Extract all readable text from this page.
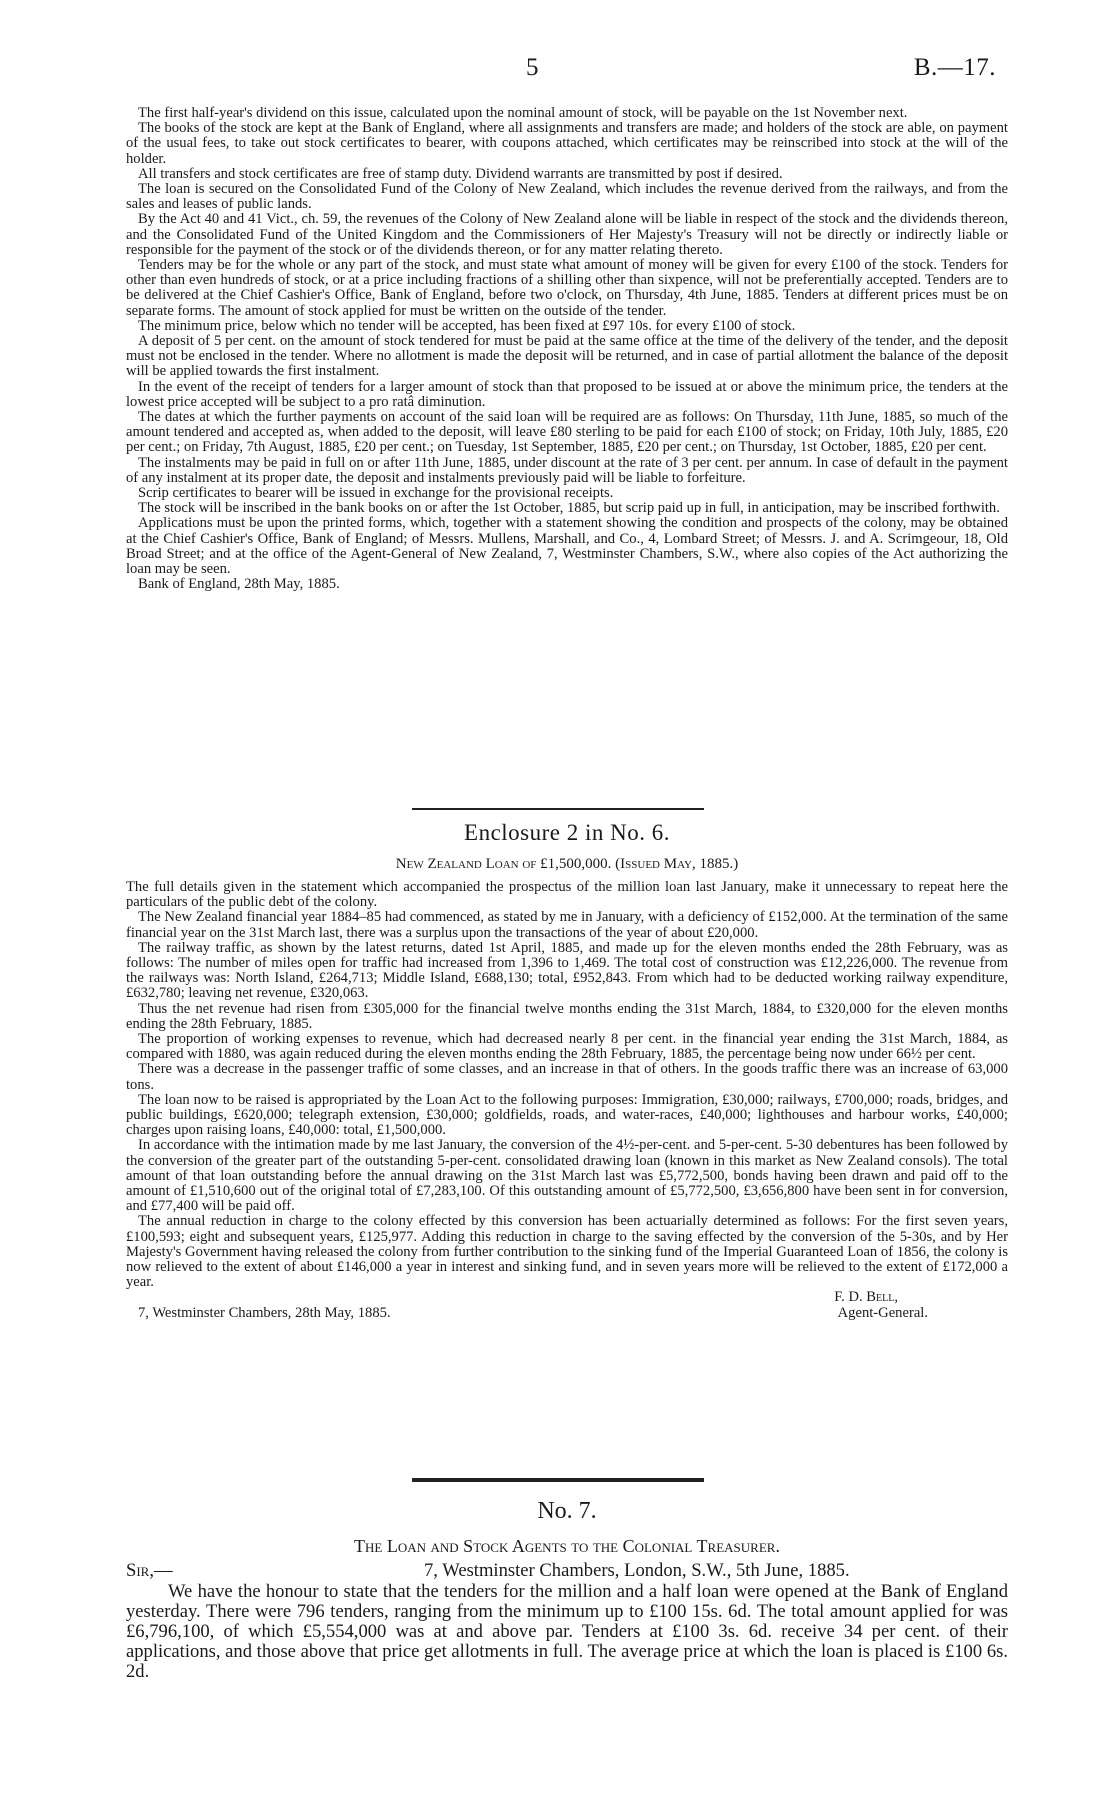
5	B.—17.

The first half-year's dividend on this issue, calculated upon the nominal amount of stock, will be payable on the 1st November next.

The books of the stock are kept at the Bank of England, where all assignments and transfers are made; and holders of the stock are able, on payment of the usual fees, to take out stock certificates to bearer, with coupons attached, which certificates may be reinscribed into stock at the will of the holder.

All transfers and stock certificates are free of stamp duty. Dividend warrants are transmitted by post if desired.

The loan is secured on the Consolidated Fund of the Colony of New Zealand, which includes the revenue derived from the railways, and from the sales and leases of public lands.

By the Act 40 and 41 Vict., ch. 59, the revenues of the Colony of New Zealand alone will be liable in respect of the stock and the dividends thereon, and the Consolidated Fund of the United Kingdom and the Commissioners of Her Majesty's Treasury will not be directly or indirectly liable or responsible for the payment of the stock or of the dividends thereon, or for any matter relating thereto.

Tenders may be for the whole or any part of the stock, and must state what amount of money will be given for every £100 of the stock. Tenders for other than even hundreds of stock, or at a price including fractions of a shilling other than sixpence, will not be preferentially accepted. Tenders are to be delivered at the Chief Cashier's Office, Bank of England, before two o'clock, on Thursday, 4th June, 1885. Tenders at different prices must be on separate forms. The amount of stock applied for must be written on the outside of the tender.

The minimum price, below which no tender will be accepted, has been fixed at £97 10s. for every £100 of stock.

A deposit of 5 per cent. on the amount of stock tendered for must be paid at the same office at the time of the delivery of the tender, and the deposit must not be enclosed in the tender. Where no allotment is made the deposit will be returned, and in case of partial allotment the balance of the deposit will be applied towards the first instalment.

In the event of the receipt of tenders for a larger amount of stock than that proposed to be issued at or above the minimum price, the tenders at the lowest price accepted will be subject to a pro ratâ diminution.

The dates at which the further payments on account of the said loan will be required are as follows: On Thursday, 11th June, 1885, so much of the amount tendered and accepted as, when added to the deposit, will leave £80 sterling to be paid for each £100 of stock; on Friday, 10th July, 1885, £20 per cent.; on Friday, 7th August, 1885, £20 per cent.; on Tuesday, 1st September, 1885, £20 per cent.; on Thursday, 1st October, 1885, £20 per cent.

The instalments may be paid in full on or after 11th June, 1885, under discount at the rate of 3 per cent. per annum. In case of default in the payment of any instalment at its proper date, the deposit and instalments previously paid will be liable to forfeiture.

Scrip certificates to bearer will be issued in exchange for the provisional receipts.

The stock will be inscribed in the bank books on or after the 1st October, 1885, but scrip paid up in full, in anticipation, may be inscribed forthwith.

Applications must be upon the printed forms, which, together with a statement showing the condition and prospects of the colony, may be obtained at the Chief Cashier's Office, Bank of England; of Messrs. Mullens, Marshall, and Co., 4, Lombard Street; of Messrs. J. and A. Scrimgeour, 18, Old Broad Street; and at the office of the Agent-General of New Zealand, 7, Westminster Chambers, S.W., where also copies of the Act authorizing the loan may be seen.

Bank of England, 28th May, 1885.

Enclosure 2 in No. 6.
New Zealand Loan of £1,500,000. (Issued May, 1885.)

The full details given in the statement which accompanied the prospectus of the million loan last January, make it unnecessary to repeat here the particulars of the public debt of the colony.

The New Zealand financial year 1884–85 had commenced, as stated by me in January, with a deficiency of £152,000. At the termination of the same financial year on the 31st March last, there was a surplus upon the transactions of the year of about £20,000.

The railway traffic, as shown by the latest returns, dated 1st April, 1885, and made up for the eleven months ended the 28th February, was as follows: The number of miles open for traffic had increased from 1,396 to 1,469. The total cost of construction was £12,226,000. The revenue from the railways was: North Island, £264,713; Middle Island, £688,130; total, £952,843. From which had to be deducted working railway expenditure, £632,780; leaving net revenue, £320,063.

Thus the net revenue had risen from £305,000 for the financial twelve months ending the 31st March, 1884, to £320,000 for the eleven months ending the 28th February, 1885.

The proportion of working expenses to revenue, which had decreased nearly 8 per cent. in the financial year ending the 31st March, 1884, as compared with 1880, was again reduced during the eleven months ending the 28th February, 1885, the percentage being now under 66½ per cent.

There was a decrease in the passenger traffic of some classes, and an increase in that of others. In the goods traffic there was an increase of 63,000 tons.

The loan now to be raised is appropriated by the Loan Act to the following purposes: Immigration, £30,000; railways, £700,000; roads, bridges, and public buildings, £620,000; telegraph extension, £30,000; goldfields, roads, and water-races, £40,000; lighthouses and harbour works, £40,000; charges upon raising loans, £40,000: total, £1,500,000.

In accordance with the intimation made by me last January, the conversion of the 4½-per-cent. and 5-per-cent. 5-30 debentures has been followed by the conversion of the greater part of the outstanding 5-per-cent. consolidated drawing loan (known in this market as New Zealand consols). The total amount of that loan outstanding before the annual drawing on the 31st March last was £5,772,500, bonds having been drawn and paid off to the amount of £1,510,600 out of the original total of £7,283,100. Of this outstanding amount of £5,772,500, £3,656,800 have been sent in for conversion, and £77,400 will be paid off.

The annual reduction in charge to the colony effected by this conversion has been actuarially determined as follows: For the first seven years, £100,593; eight and subsequent years, £125,977. Adding this reduction in charge to the saving effected by the conversion of the 5-30s, and by Her Majesty's Government having released the colony from further contribution to the sinking fund of the Imperial Guaranteed Loan of 1856, the colony is now relieved to the extent of about £146,000 a year in interest and sinking fund, and in seven years more will be relieved to the extent of £172,000 a year.

F. D. Bell,
7, Westminster Chambers, 28th May, 1885.	Agent-General.
No. 7.
The Loan and Stock Agents to the Colonial Treasurer.
Sir,—	7, Westminster Chambers, London, S.W., 5th June, 1885.

We have the honour to state that the tenders for the million and a half loan were opened at the Bank of England yesterday. There were 796 tenders, ranging from the minimum up to £100 15s. 6d. The total amount applied for was £6,796,100, of which £5,554,000 was at and above par. Tenders at £100 3s. 6d. receive 34 per cent. of their applications, and those above that price get allotments in full. The average price at which the loan is placed is £100 6s. 2d.
